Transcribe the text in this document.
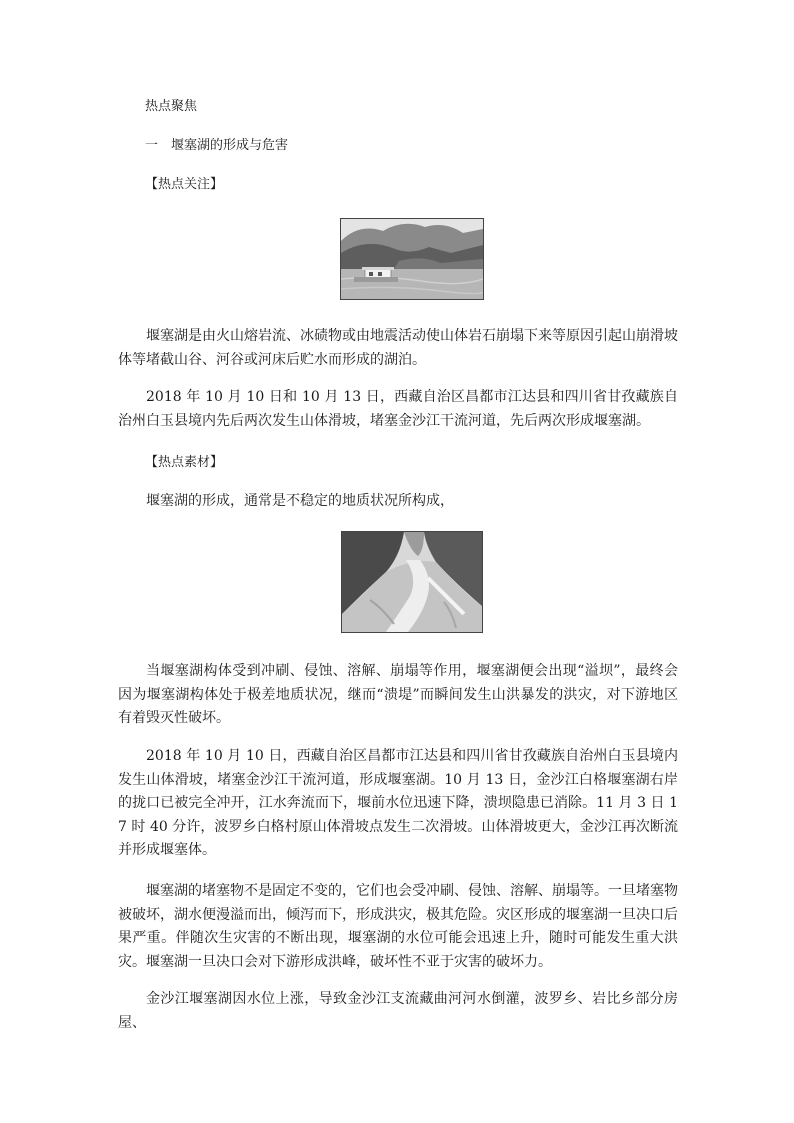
热点聚焦
一　堰塞湖的形成与危害
【热点关注】
堰塞湖是由火山熔岩流、冰碛物或由地震活动使山体岩石崩塌下来等原因引起山崩滑坡体等堵截山谷、河谷或河床后贮水而形成的湖泊。
2018 年 10 月 10 日和 10 月 13 日，西藏自治区昌都市江达县和四川省甘孜藏族自治州白玉县境内先后两次发生山体滑坡，堵塞金沙江干流河道，先后两次形成堰塞湖。
【热点素材】
堰塞湖的形成，通常是不稳定的地质状况所构成，
当堰塞湖构体受到冲刷、侵蚀、溶解、崩塌等作用，堰塞湖便会出现“溢坝”，最终会因为堰塞湖构体处于极差地质状况，继而“溃堤”而瞬间发生山洪暴发的洪灾，对下游地区有着毁灭性破坏。
2018 年 10 月 10 日，西藏自治区昌都市江达县和四川省甘孜藏族自治州白玉县境内发生山体滑坡，堵塞金沙江干流河道，形成堰塞湖。10 月 13 日，金沙江白格堰塞湖右岸的拢口已被完全冲开，江水奔流而下，堰前水位迅速下降，溃坝隐患已消除。11 月 3 日 17 时 40 分许，波罗乡白格村原山体滑坡点发生二次滑坡。山体滑坡更大，金沙江再次断流并形成堰塞体。
堰塞湖的堵塞物不是固定不变的，它们也会受冲刷、侵蚀、溶解、崩塌等。一旦堵塞物被破坏，湖水便漫溢而出，倾泻而下，形成洪灾，极其危险。灾区形成的堰塞湖一旦决口后果严重。伴随次生灾害的不断出现，堰塞湖的水位可能会迅速上升，随时可能发生重大洪灾。堰塞湖一旦决口会对下游形成洪峰，破坏性不亚于灾害的破坏力。
金沙江堰塞湖因水位上涨，导致金沙江支流藏曲河河水倒灌，波罗乡、岩比乡部分房屋、
